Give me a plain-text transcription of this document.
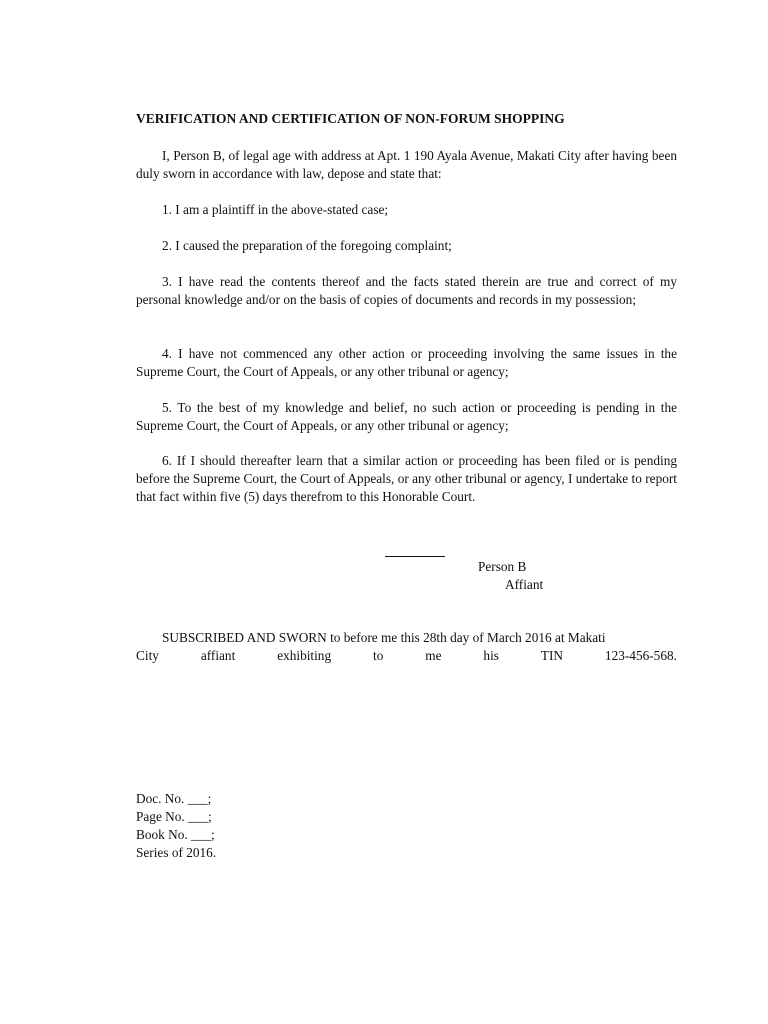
VERIFICATION AND CERTIFICATION OF NON-FORUM SHOPPING
I, Person B, of legal age with address at Apt. 1 190 Ayala Avenue, Makati City after having been duly sworn in accordance with law, depose and state that:
1. I am a plaintiff in the above-stated case;
2. I caused the preparation of the foregoing complaint;
3. I have read the contents thereof and the facts stated therein are true and correct of my personal knowledge and/or on the basis of copies of documents and records in my possession;
4. I have not commenced any other action or proceeding involving the same issues in the Supreme Court, the Court of Appeals, or any other tribunal or agency;
5. To the best of my knowledge and belief, no such action or proceeding is pending in the Supreme Court, the Court of Appeals, or any other tribunal or agency;
6. If I should thereafter learn that a similar action or proceeding has been filed or is pending before the Supreme Court, the Court of Appeals, or any other tribunal or agency, I undertake to report that fact within five (5) days therefrom to this Honorable Court.
Person B
Affiant
SUBSCRIBED AND SWORN to before me this 28th day of March 2016 at Makati
City	affiant	exhibiting	to	me	his	TIN	123-456-568.
Doc. No. ___;
Page No. ___;
Book No. ___;
Series of 2016.
